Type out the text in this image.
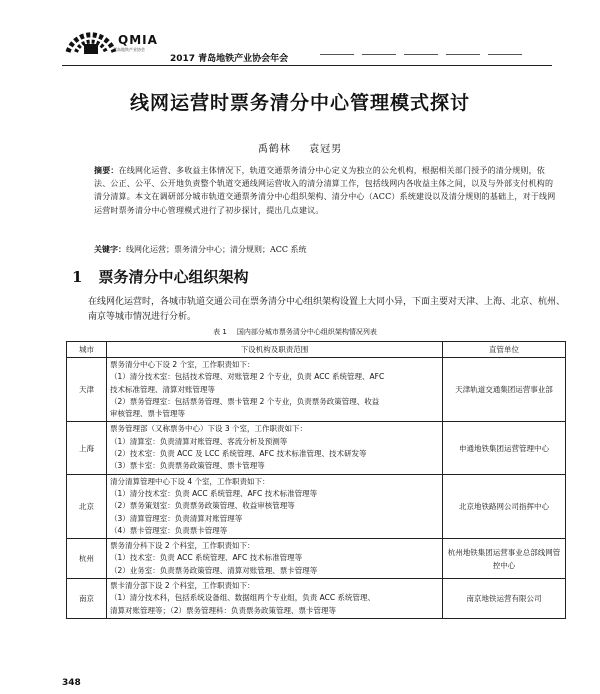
QMIA
青岛地铁产业协会
2017 青岛地铁产业协会年会
线网运营时票务清分中心管理模式探讨
禹鹤林 袁冠男
摘要：在线网化运营、多收益主体情况下，轨道交通票务清分中心定义为独立的公允机构，根据相关部门授予的清分规则，依法、公正、公平、公开地负责整个轨道交通线网运营收入的清分清算工作，包括线网内各收益主体之间，以及与外部支付机构的清分清算。本文在调研部分城市轨道交通票务清分中心组织架构、清分中心（ACC）系统建设以及清分规则的基础上，对于线网运营时票务清分中心管理模式进行了初步探讨，提出几点建议。
关键字：线网化运营；票务清分中心；清分规则；ACC 系统
1 票务清分中心组织架构
在线网化运营时，各城市轨道交通公司在票务清分中心组织架构设置上大同小异，下面主要对天津、上海、北京、杭州、南京等城市情况进行分析。
表 1 国内部分城市票务清分中心组织架构情况列表
城市	下设机构及职责范围	直管单位
天津	票务清分中心下设 2 个室，工作职责如下：

（1）清分技术室：包括技术管理、对账管理 2 个专业，负责 ACC 系统管理、AFC

技术标准管理、清算对账管理等

（2）票务管理室：包括票务管理、票卡管理 2 个专业，负责票务政策管理、收益

审核管理、票卡管理等	天津轨道交通集团运营事业部
上海	票务管理部（又称票务中心）下设 3 个室，工作职责如下：

（1）清算室：负责清算对账管理、客流分析及预测等

（2）技术室：负责 ACC 及 LCC 系统管理、AFC 技术标准管理、技术研发等

（3）票卡室：负责票务政策管理、票卡管理等	申通地铁集团运营管理中心
北京	清分清算管理中心下设 4 个室，工作职责如下：

（1）清分技术室：负责 ACC 系统管理、AFC 技术标准管理等

（2）票务策划室：负责票务政策管理、收益审核管理等

（3）清算管理室：负责清算对账管理等

（4）票卡管理室：负责票卡管理等	北京地铁路网公司指挥中心
杭州	票务清分科下设 2 个科室，工作职责如下：

（1）技术室：负责 ACC 系统管理、AFC 技术标准管理等

（2）业务室：负责票务政策管理、清算对账管理、票卡管理等	杭州地铁集团运营事业总部线网管控中心
南京	票卡清分部下设 2 个科室，工作职责如下：

（1）清分技术科，包括系统设备组、数据组两个专业组，负责 ACC 系统管理、

清算对账管理等；（2）票务管理科：负责票务政策管理、票卡管理等	南京地铁运营有限公司
348
